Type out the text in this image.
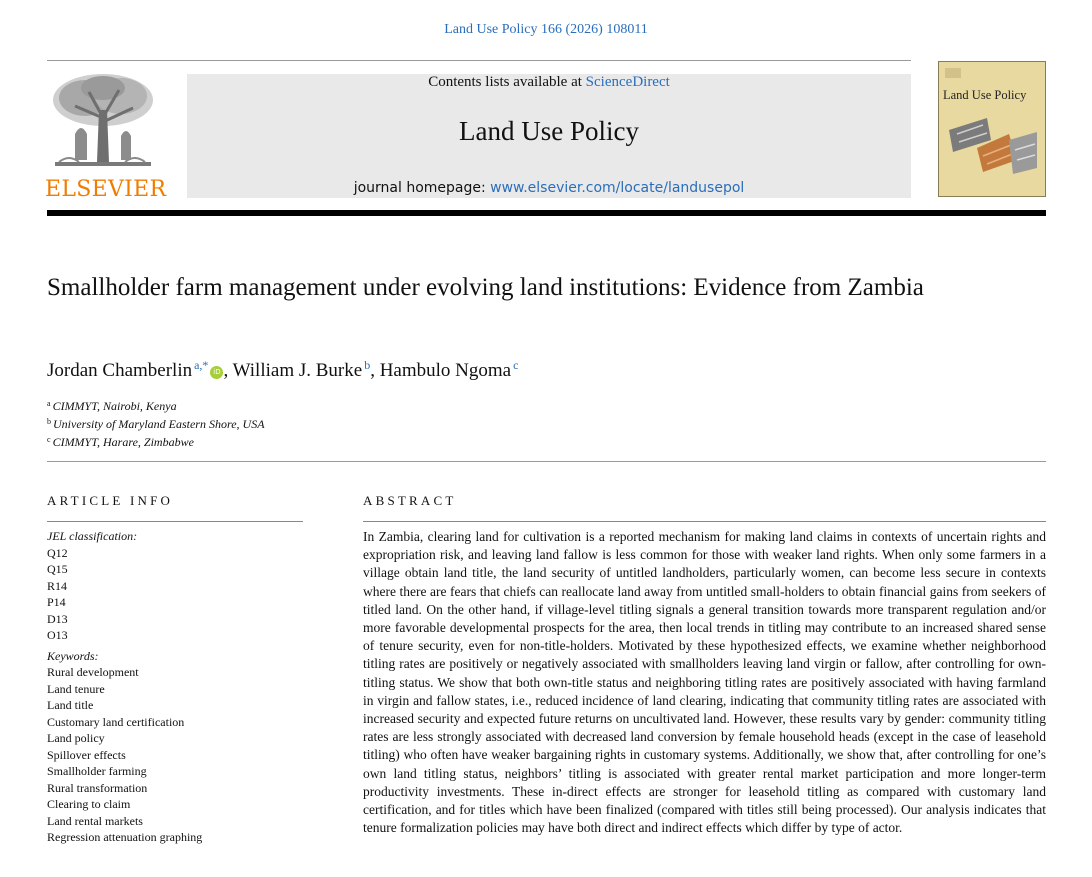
Land Use Policy 166 (2026) 108011
ELSEVIER
Contents lists available at ScienceDirect
Land Use Policy
journal homepage: www.elsevier.com/locate/landusepol
Land Use Policy
Smallholder farm management under evolving land institutions: Evidence from Zambia
Jordan Chamberlin $^{a,*}$ iD , William J. Burke $^b$, Hambulo Ngoma $^c$
$^a$ CIMMYT, Nairobi, Kenya
$^b$ University of Maryland Eastern Shore, USA
$^c$ CIMMYT, Harare, Zimbabwe
ARTICLE INFO	ABSTRACT
JEL classification:
Q12
Q15
R14
P14
D13
O13
Keywords:
Rural development
Land tenure
Land title
Customary land certification
Land policy
Spillover effects
Smallholder farming
Rural transformation
Clearing to claim
Land rental markets
Regression attenuation graphing
In Zambia, clearing land for cultivation is a reported mechanism for making land claims in contexts of uncertain rights and expropriation risk, and leaving land fallow is less common for those with weaker land rights. When only some farmers in a village obtain land title, the land security of untitled landholders, particularly women, can become less secure in contexts where there are fears that chiefs can reallocate land away from untitled small-holders to obtain financial gains from seekers of titled land. On the other hand, if village-level titling signals a general transition towards more transparent regulation and/or more favorable developmental prospects for the area, then local trends in titling may contribute to an increased shared sense of tenure security, even for non-title-holders. Motivated by these hypothesized effects, we examine whether neighborhood titling rates are positively or negatively associated with smallholders leaving land virgin or fallow, after controlling for own-titling status. We show that both own-title status and neighboring titling rates are positively associated with having farmland in virgin and fallow states, i.e., reduced incidence of land clearing, indicating that community titling rates are associated with increased security and expected future returns on uncultivated land. However, these results vary by gender: community titling rates are less strongly associated with decreased land conversion by female household heads (except in the case of leasehold titling) who often have weaker bargaining rights in customary systems. Additionally, we show that, after controlling for one’s own land titling status, neighbors’ titling is associated with greater rental market participation and more longer-term productivity investments. These in-direct effects are stronger for leasehold titling as compared with customary land certification, and for titles which have been finalized (compared with titles still being processed). Our analysis indicates that tenure formalization policies may have both direct and indirect effects which differ by type of actor.
